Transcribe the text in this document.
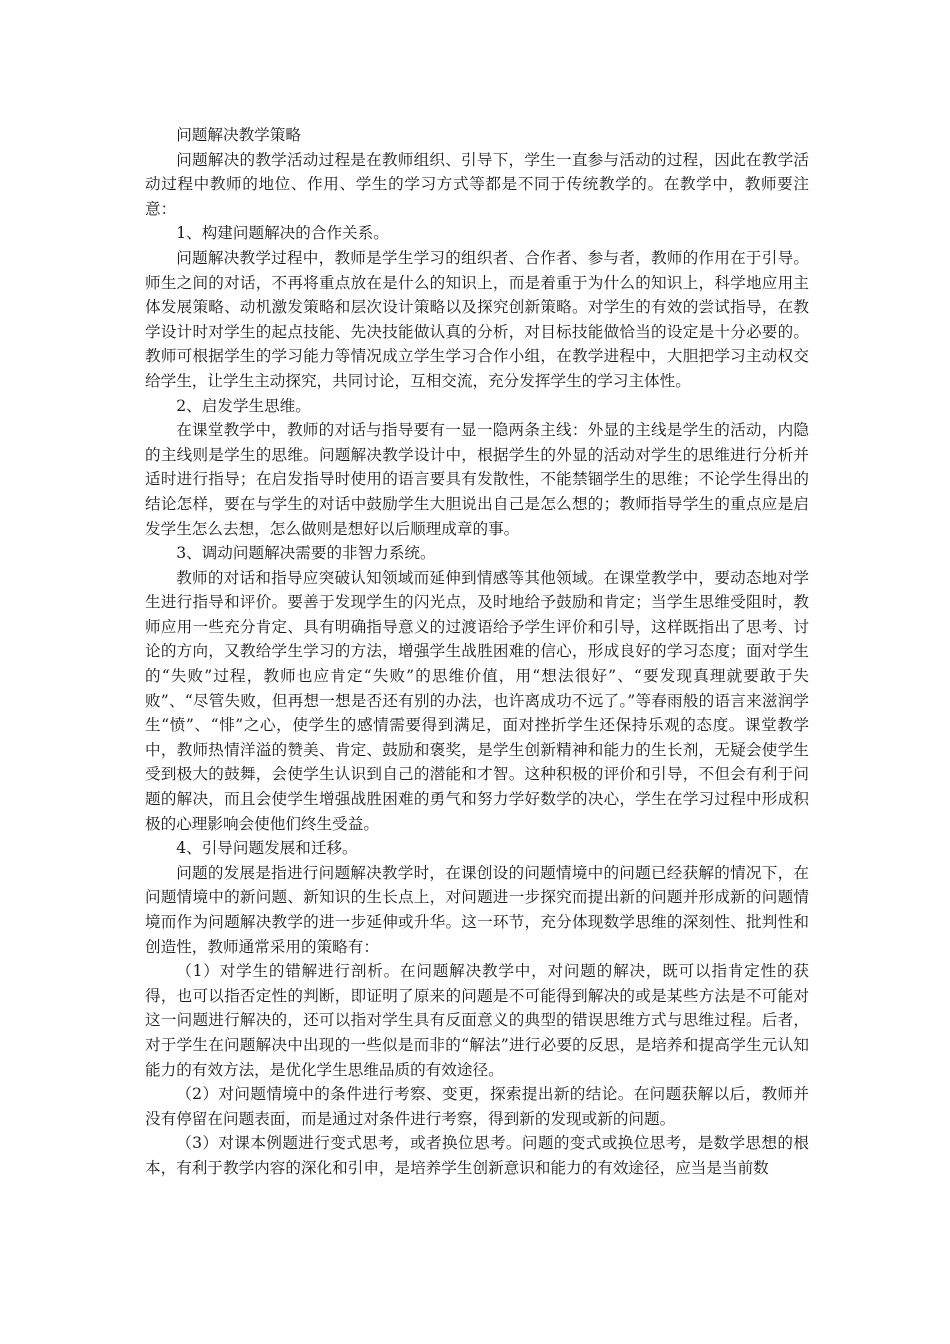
问题解决教学策略

问题解决的教学活动过程是在教师组织、引导下，学生一直参与活动的过程，因此在教学活动过程中教师的地位、作用、学生的学习方式等都是不同于传统教学的。在教学中，教师要注意：

1、构建问题解决的合作关系。

问题解决教学过程中，教师是学生学习的组织者、合作者、参与者，教师的作用在于引导。师生之间的对话，不再将重点放在是什么的知识上，而是着重于为什么的知识上，科学地应用主体发展策略、动机激发策略和层次设计策略以及探究创新策略。对学生的有效的尝试指导，在教学设计时对学生的起点技能、先决技能做认真的分析，对目标技能做恰当的设定是十分必要的。教师可根据学生的学习能力等情况成立学生学习合作小组，在教学进程中，大胆把学习主动权交给学生，让学生主动探究，共同讨论，互相交流，充分发挥学生的学习主体性。

2、启发学生思维。

在课堂教学中，教师的对话与指导要有一显一隐两条主线：外显的主线是学生的活动，内隐的主线则是学生的思维。问题解决教学设计中，根据学生的外显的活动对学生的思维进行分析并适时进行指导；在启发指导时使用的语言要具有发散性，不能禁锢学生的思维；不论学生得出的结论怎样，要在与学生的对话中鼓励学生大胆说出自己是怎么想的；教师指导学生的重点应是启发学生怎么去想，怎么做则是想好以后顺理成章的事。

3、调动问题解决需要的非智力系统。

教师的对话和指导应突破认知领域而延伸到情感等其他领域。在课堂教学中，要动态地对学生进行指导和评价。要善于发现学生的闪光点，及时地给予鼓励和肯定；当学生思维受阻时，教师应用一些充分肯定、具有明确指导意义的过渡语给予学生评价和引导，这样既指出了思考、讨论的方向，又教给学生学习的方法，增强学生战胜困难的信心，形成良好的学习态度；面对学生的“失败”过程，教师也应肯定“失败”的思维价值，用“想法很好”、“要发现真理就要敢于失败”、“尽管失败，但再想一想是否还有别的办法，也许离成功不远了。”等春雨般的语言来滋润学生“愤”、“悱”之心，使学生的感情需要得到满足，面对挫折学生还保持乐观的态度。课堂教学中，教师热情洋溢的赞美、肯定、鼓励和褒奖，是学生创新精神和能力的生长剂，无疑会使学生受到极大的鼓舞，会使学生认识到自己的潜能和才智。这种积极的评价和引导，不但会有利于问题的解决，而且会使学生增强战胜困难的勇气和努力学好数学的决心，学生在学习过程中形成积极的心理影响会使他们终生受益。

4、引导问题发展和迁移。

问题的发展是指进行问题解决教学时，在课创设的问题情境中的问题已经获解的情况下，在问题情境中的新问题、新知识的生长点上，对问题进一步探究而提出新的问题并形成新的问题情境而作为问题解决教学的进一步延伸或升华。这一环节，充分体现数学思维的深刻性、批判性和创造性，教师通常采用的策略有：

（1）对学生的错解进行剖析。在问题解决教学中，对问题的解决，既可以指肯定性的获得，也可以指否定性的判断，即证明了原来的问题是不可能得到解决的或是某些方法是不可能对这一问题进行解决的，还可以指对学生具有反面意义的典型的错误思维方式与思维过程。后者，对于学生在问题解决中出现的一些似是而非的“解法”进行必要的反思，是培养和提高学生元认知能力的有效方法，是优化学生思维品质的有效途径。

（2）对问题情境中的条件进行考察、变更，探索提出新的结论。在问题获解以后，教师并没有停留在问题表面，而是通过对条件进行考察，得到新的发现或新的问题。

（3）对课本例题进行变式思考，或者换位思考。问题的变式或换位思考，是数学思想的根本，有利于教学内容的深化和引申，是培养学生创新意识和能力的有效途径，应当是当前数
